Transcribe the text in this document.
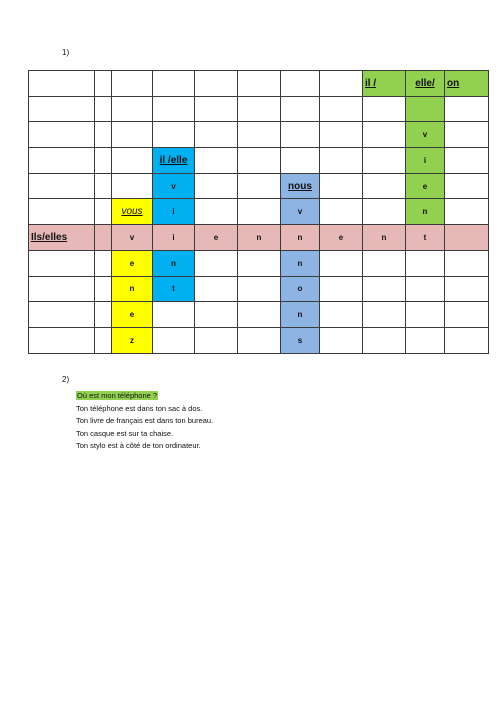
1)
								il /	elle/	on

									v	
			il /elle						i	
			v			nous			e	
		vous	i			v			n	
Ils/elles		v	i	e	n	n	e	n	t	
		e	n			n				
		n	t			o				
		e				n				
		z				s				
2)
Où est mon téléphone ?
Ton téléphone est dans ton sac à dos.
Ton livre de français est dans ton bureau.
Ton casque est sur ta chaise.
Ton stylo est à côté de ton ordinateur.
